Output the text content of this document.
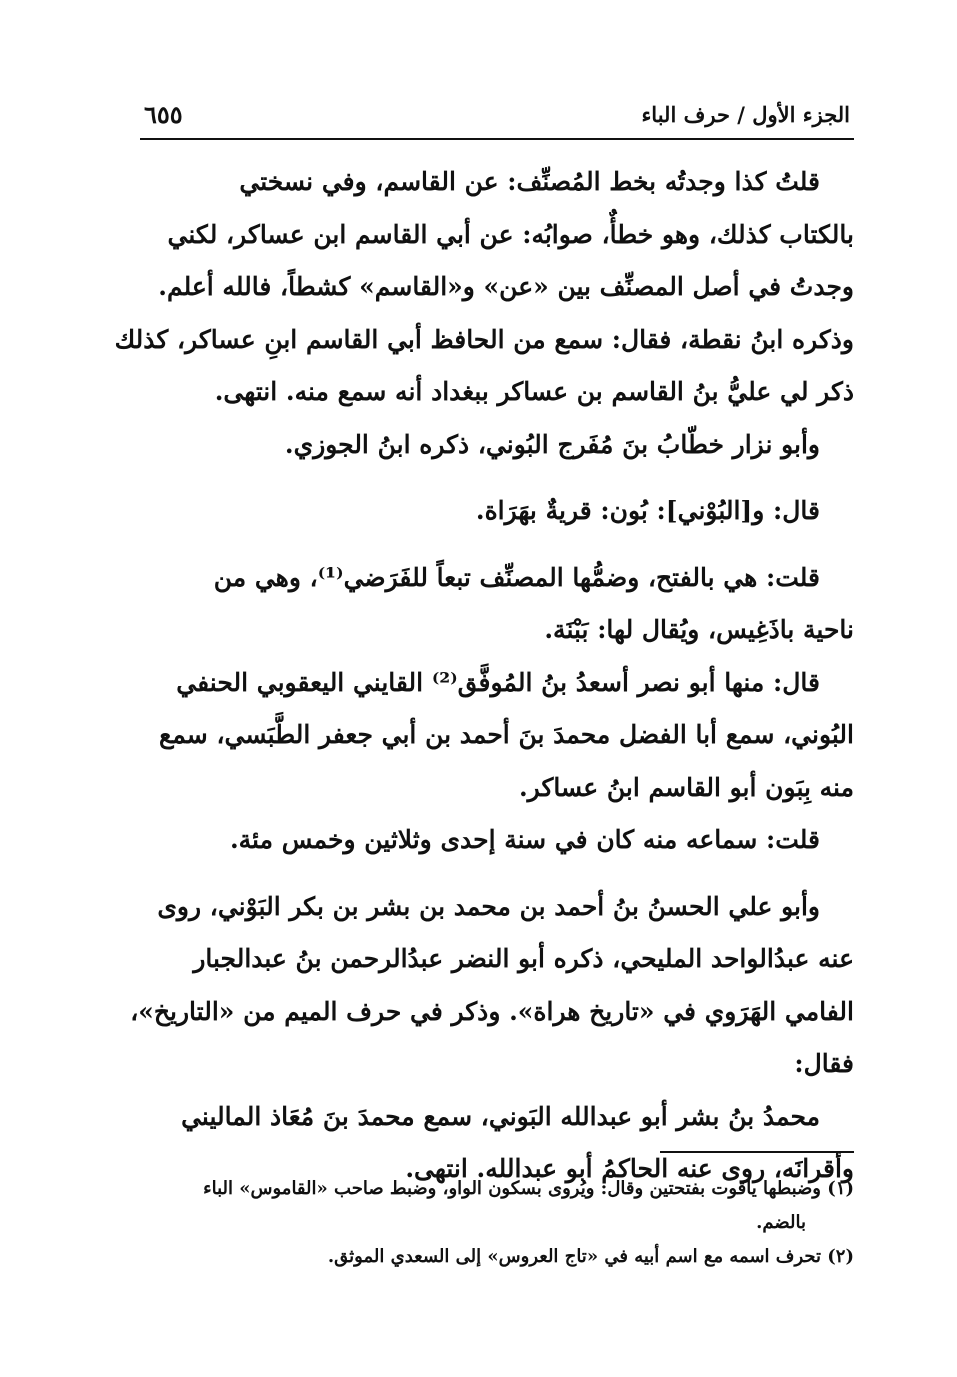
الجزء الأول / حرف الباء
٦٥٥

قلتُ كذا وجدتُه بخط المُصنِّف: عن القاسم، وفي نسختي
بالكتاب كذلك، وهو خطأٌ، صوابُه: عن أبي القاسم ابن عساكر، لكني
وجدتُ في أصل المصنِّف بين «عن» و«القاسم» كشطاً، فالله أعلم.
وذكره ابنُ نقطة، فقال: سمع من الحافظ أبي القاسم ابنِ عساكر، كذلك
ذكر لي عليُّ بنُ القاسم بن عساكر ببغداد أنه سمع منه. انتهى.

وأبو نزار خطّابُ بنَ مُفَرج البُوني، ذكره ابنُ الجوزي.

قال: و[البُوْني]: بُون: قريةٌ بهَرَاة.

قلت: هي بالفتح، وضمُّها المصنِّف تبعاً للفَرَضي⁽¹⁾، وهي من
ناحية باذَغِيس، ويُقال لها: بَبْنَة.

قال: منها أبو نصر أسعدُ بنُ المُوفَّق⁽²⁾ القايني اليعقوبي الحنفي
البُوني، سمع أبا الفضل محمدَ بنَ أحمد بن أبي جعفر الطَّبَسي، سمع
منه بِبَون أبو القاسم ابنُ عساكر.

قلت: سماعه منه كان في سنة إحدى وثلاثين وخمس مئة.

وأبو علي الحسنُ بنُ أحمد بن محمد بن بشر بن بكر البَوْني، روى
عنه عبدُالواحد المليحي، ذكره أبو النضر عبدُالرحمن بنُ عبدالجبار
الفامي الهَرَوي في «تاريخ هراة». وذكر في حرف الميم من «التاريخ»،
فقال:

محمدُ بنُ بشر أبو عبدالله البَوني، سمع محمدَ بنَ مُعَاذ الماليني
وأقرانَه، روى عنه الحاكمُ أبو عبدالله. انتهى.

(١) وضبطها ياقوت بفتحتين وقال: ويُروى بسكون الواو، وضبط صاحب «القاموس» الباء
بالضم.
(٢) تحرف اسمه مع اسم أبيه في «تاج العروس» إلى السعدي الموثق.
